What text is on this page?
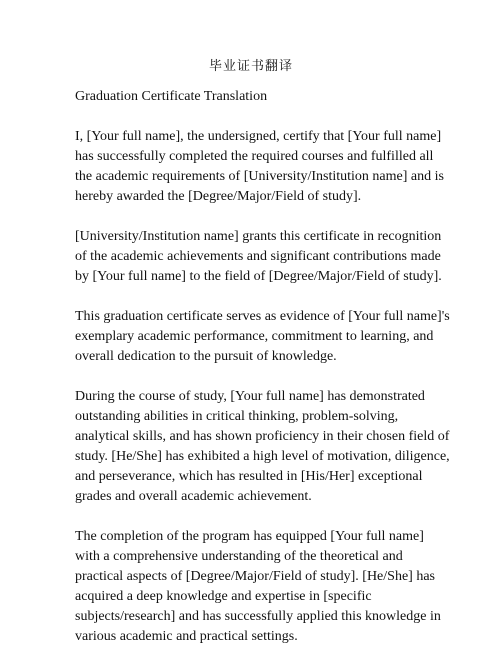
毕业证书翻译

Graduation Certificate Translation

I, [Your full name], the undersigned, certify that [Your full name]
has successfully completed the required courses and fulfilled all
the academic requirements of [University/Institution name] and is
hereby awarded the [Degree/Major/Field of study].

[University/Institution name] grants this certificate in recognition
of the academic achievements and significant contributions made
by [Your full name] to the field of [Degree/Major/Field of study].

This graduation certificate serves as evidence of [Your full name]'s
exemplary academic performance, commitment to learning, and
overall dedication to the pursuit of knowledge.

During the course of study, [Your full name] has demonstrated
outstanding abilities in critical thinking, problem-solving,
analytical skills, and has shown proficiency in their chosen field of
study. [He/She] has exhibited a high level of motivation, diligence,
and perseverance, which has resulted in [His/Her] exceptional
grades and overall academic achievement.

The completion of the program has equipped [Your full name]
with a comprehensive understanding of the theoretical and
practical aspects of [Degree/Major/Field of study]. [He/She] has
acquired a deep knowledge and expertise in [specific
subjects/research] and has successfully applied this knowledge in
various academic and practical settings.
